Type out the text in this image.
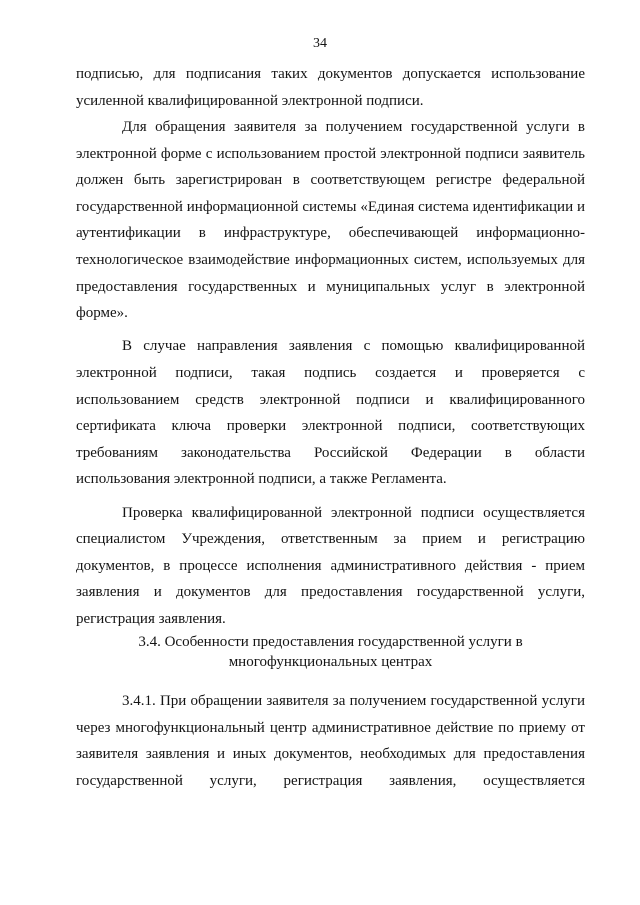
34

подписью, для подписания таких документов допускается использование усиленной квалифицированной электронной подписи.

Для обращения заявителя за получением государственной услуги в электронной форме с использованием простой электронной подписи заявитель должен быть зарегистрирован в соответствующем регистре федеральной государственной информационной системы «Единая система идентификации и аутентификации в инфраструктуре, обеспечивающей информационно-технологическое взаимодействие информационных систем, используемых для предоставления государственных и муниципальных услуг в электронной форме».

В случае направления заявления с помощью квалифицированной электронной подписи, такая подпись создается и проверяется с использованием средств электронной подписи и квалифицированного сертификата ключа проверки электронной подписи, соответствующих требованиям законодательства Российской Федерации в области использования электронной подписи, а также Регламента.

Проверка квалифицированной электронной подписи осуществляется специалистом Учреждения, ответственным за прием и регистрацию документов, в процессе исполнения административного действия - прием заявления и документов для предоставления государственной услуги, регистрация заявления.

3.4. Особенности предоставления государственной услуги в
многофункциональных центрах

3.4.1. При обращении заявителя за получением государственной услуги через многофункциональный центр административное действие по приему от заявителя заявления и иных документов, необходимых для предоставления государственной услуги, регистрация заявления, осуществляется
